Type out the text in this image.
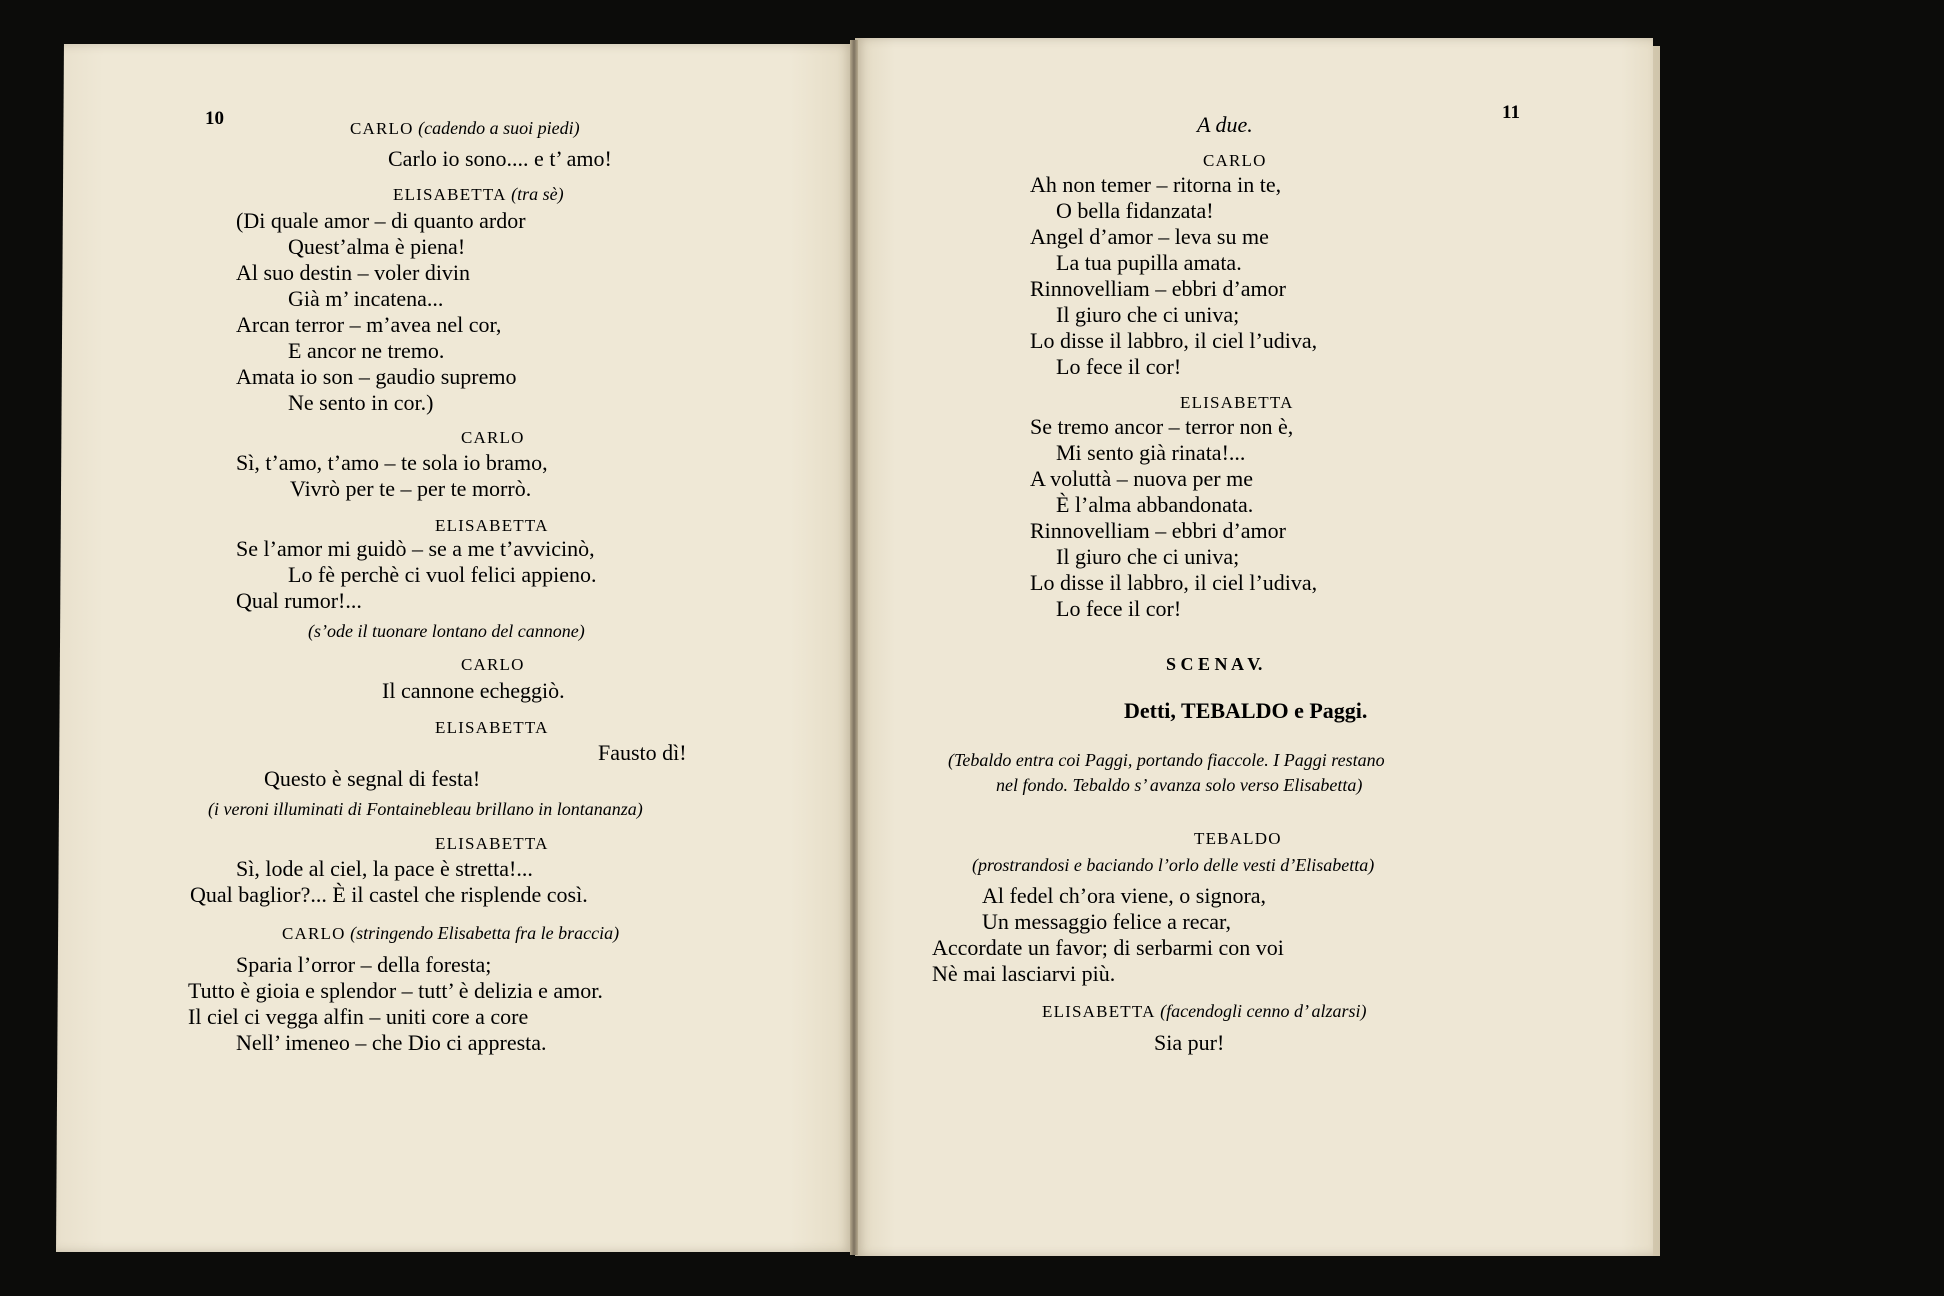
10	11
CARLO (cadendo a suoi piedi)
Carlo io sono.... e t’ amo!
ELISABETTA (tra sè)
(Di quale amor – di quanto ardor
Quest’alma è piena!
Al suo destin – voler divin
Già m’ incatena...
Arcan terror – m’avea nel cor,
E ancor ne tremo.
Amata io son – gaudio supremo
Ne sento in cor.)
CARLO
Sì, t’amo, t’amo – te sola io bramo,
Vivrò per te – per te morrò.
ELISABETTA
Se l’amor mi guidò – se a me t’avvicinò,
Lo fè perchè ci vuol felici appieno.
Qual rumor!...
(s’ode il tuonare lontano del cannone)
CARLO
Il cannone echeggiò.
ELISABETTA
Fausto dì!
Questo è segnal di festa!
(i veroni illuminati di Fontainebleau brillano in lontananza)
ELISABETTA
Sì, lode al ciel, la pace è stretta!...
Qual baglior?... È il castel che risplende così.
CARLO (stringendo Elisabetta fra le braccia)
Sparia l’orror – della foresta;
Tutto è gioia e splendor – tutt’ è delizia e amor.
Il ciel ci vegga alfin – uniti core a core
Nell’ imeneo – che Dio ci appresta.
A due.
CARLO
Ah non temer – ritorna in te,
O bella fidanzata!
Angel d’amor – leva su me
La tua pupilla amata.
Rinnovelliam – ebbri d’amor
Il giuro che ci univa;
Lo disse il labbro, il ciel l’udiva,
Lo fece il cor!
ELISABETTA
Se tremo ancor – terror non è,
Mi sento già rinata!...
A voluttà – nuova per me
È l’alma abbandonata.
Rinnovelliam – ebbri d’amor
Il giuro che ci univa;
Lo disse il labbro, il ciel l’udiva,
Lo fece il cor!
S C E N A V.
Detti, TEBALDO e Paggi.
(Tebaldo entra coi Paggi, portando fiaccole. I Paggi restano
nel fondo. Tebaldo s’ avanza solo verso Elisabetta)
TEBALDO
(prostrandosi e baciando l’orlo delle vesti d’Elisabetta)
Al fedel ch’ora viene, o signora,
Un messaggio felice a recar,
Accordate un favor; di serbarmi con voi
Nè mai lasciarvi più.
ELISABETTA (facendogli cenno d’ alzarsi)
Sia pur!
